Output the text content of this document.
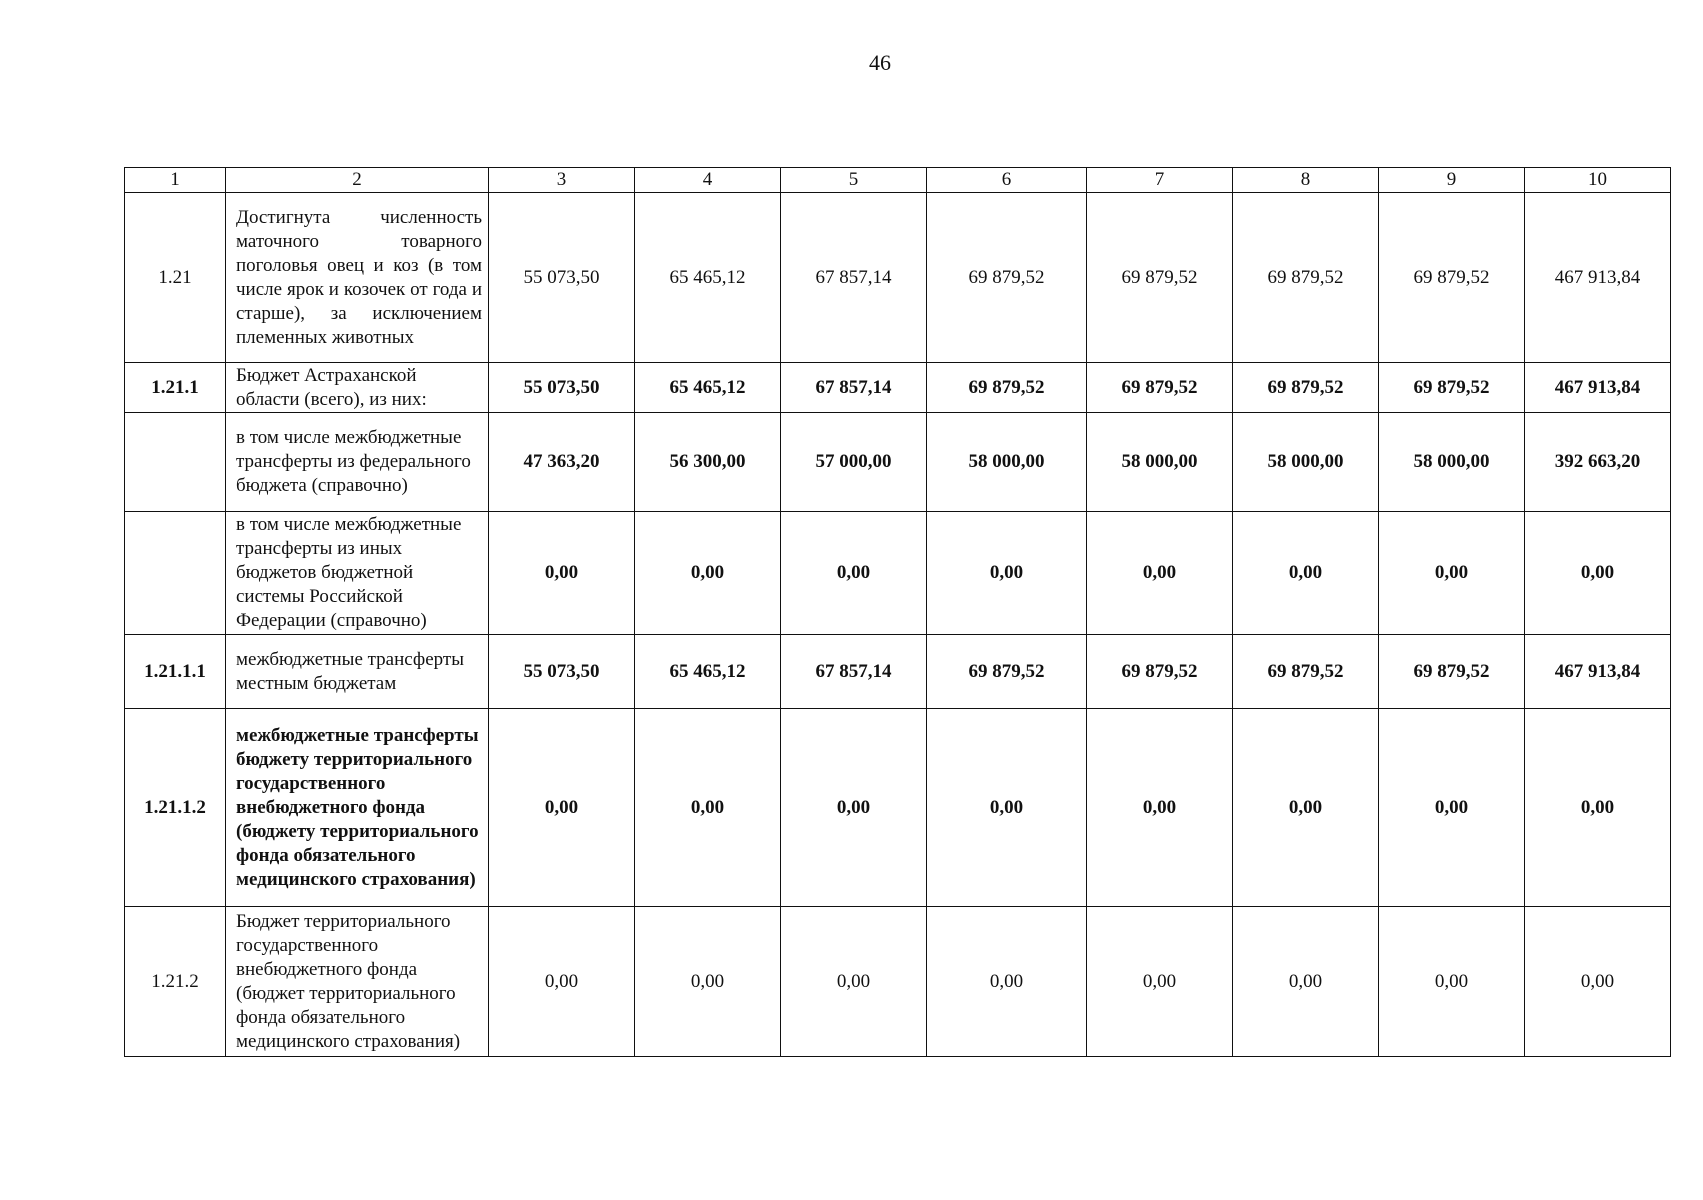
46
1	2	3	4	5	6	7	8	9	10
1.21	Достигнута численность маточного товарного поголовья овец и коз (в том числе ярок и козочек от года и старше), за исключением племенных животных	55 073,50	65 465,12	67 857,14	69 879,52	69 879,52	69 879,52	69 879,52	467 913,84
1.21.1	Бюджет Астраханской области (всего), из них:	55 073,50	65 465,12	67 857,14	69 879,52	69 879,52	69 879,52	69 879,52	467 913,84
	в том числе межбюджетные трансферты из федерального бюджета (справочно)	47 363,20	56 300,00	57 000,00	58 000,00	58 000,00	58 000,00	58 000,00	392 663,20
	в том числе межбюджетные трансферты из иных бюджетов бюджетной системы Российской Федерации (справочно)	0,00	0,00	0,00	0,00	0,00	0,00	0,00	0,00
1.21.1.1	межбюджетные трансферты местным бюджетам	55 073,50	65 465,12	67 857,14	69 879,52	69 879,52	69 879,52	69 879,52	467 913,84
1.21.1.2	межбюджетные трансферты бюджету территориального государственного внебюджетного фонда (бюджету территориального фонда обязательного медицинского страхования)	0,00	0,00	0,00	0,00	0,00	0,00	0,00	0,00
1.21.2	Бюджет территориального государственного внебюджетного фонда (бюджет территориального фонда обязательного медицинского страхования)	0,00	0,00	0,00	0,00	0,00	0,00	0,00	0,00
